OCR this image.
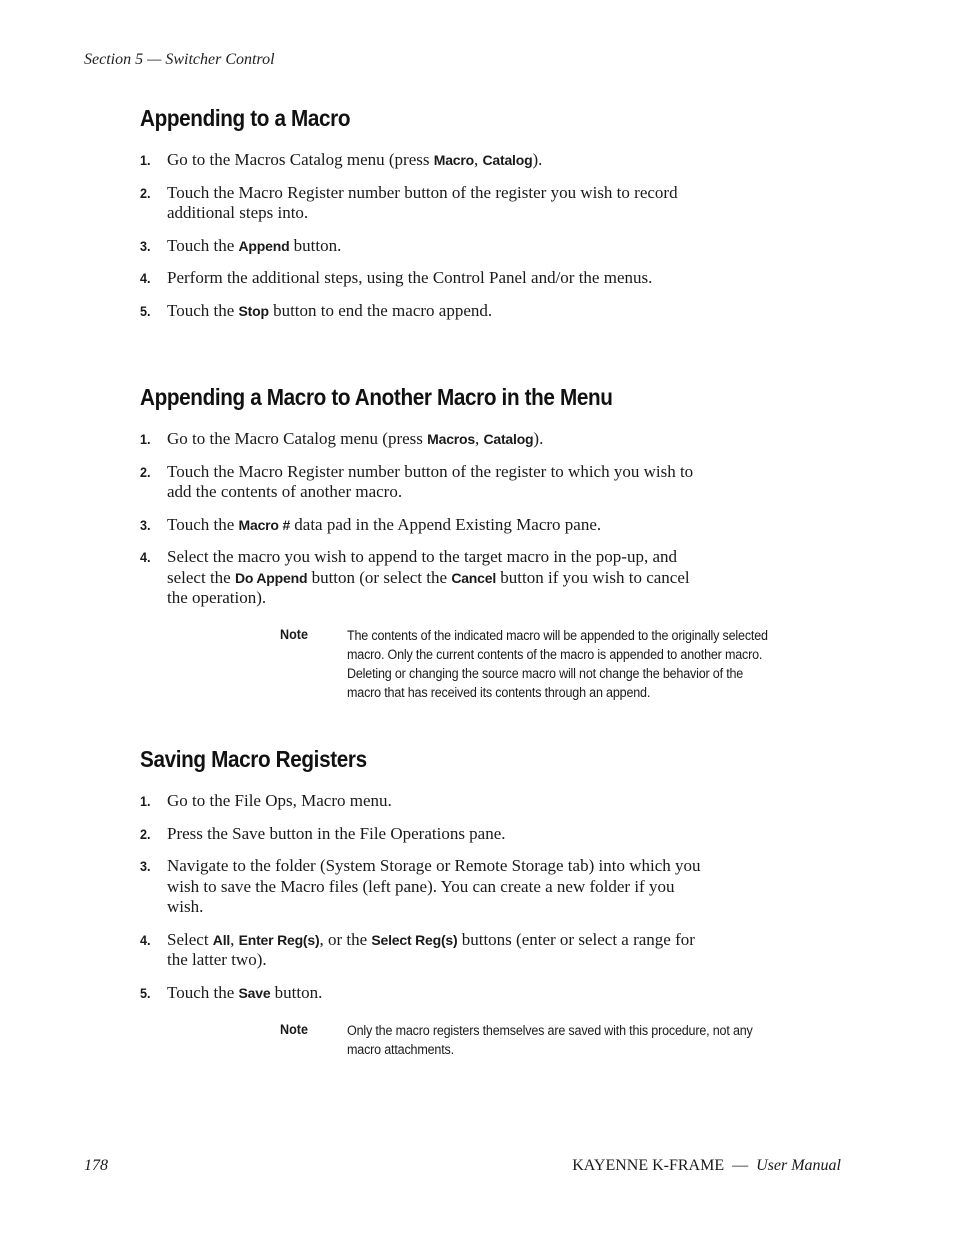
Section 5 — Switcher Control
Appending to a Macro
1. Go to the Macros Catalog menu (press Macro, Catalog).
2. Touch the Macro Register number button of the register you wish to record additional steps into.
3. Touch the Append button.
4. Perform the additional steps, using the Control Panel and/or the menus.
5. Touch the Stop button to end the macro append.
Appending a Macro to Another Macro in the Menu
1. Go to the Macro Catalog menu (press Macros, Catalog).
2. Touch the Macro Register number button of the register to which you wish to add the contents of another macro.
3. Touch the Macro # data pad in the Append Existing Macro pane.
4. Select the macro you wish to append to the target macro in the pop-up, and select the Do Append button (or select the Cancel button if you wish to cancel the operation).
Note	The contents of the indicated macro will be appended to the originally selected macro. Only the current contents of the macro is appended to another macro. Deleting or changing the source macro will not change the behavior of the macro that has received its contents through an append.
Saving Macro Registers
1. Go to the File Ops, Macro menu.
2. Press the Save button in the File Operations pane.
3. Navigate to the folder (System Storage or Remote Storage tab) into which you wish to save the Macro files (left pane). You can create a new folder if you wish.
4. Select All, Enter Reg(s), or the Select Reg(s) buttons (enter or select a range for the latter two).
5. Touch the Save button.
Note	Only the macro registers themselves are saved with this procedure, not any macro attachments.
178	KAYENNE K-FRAME — User Manual
